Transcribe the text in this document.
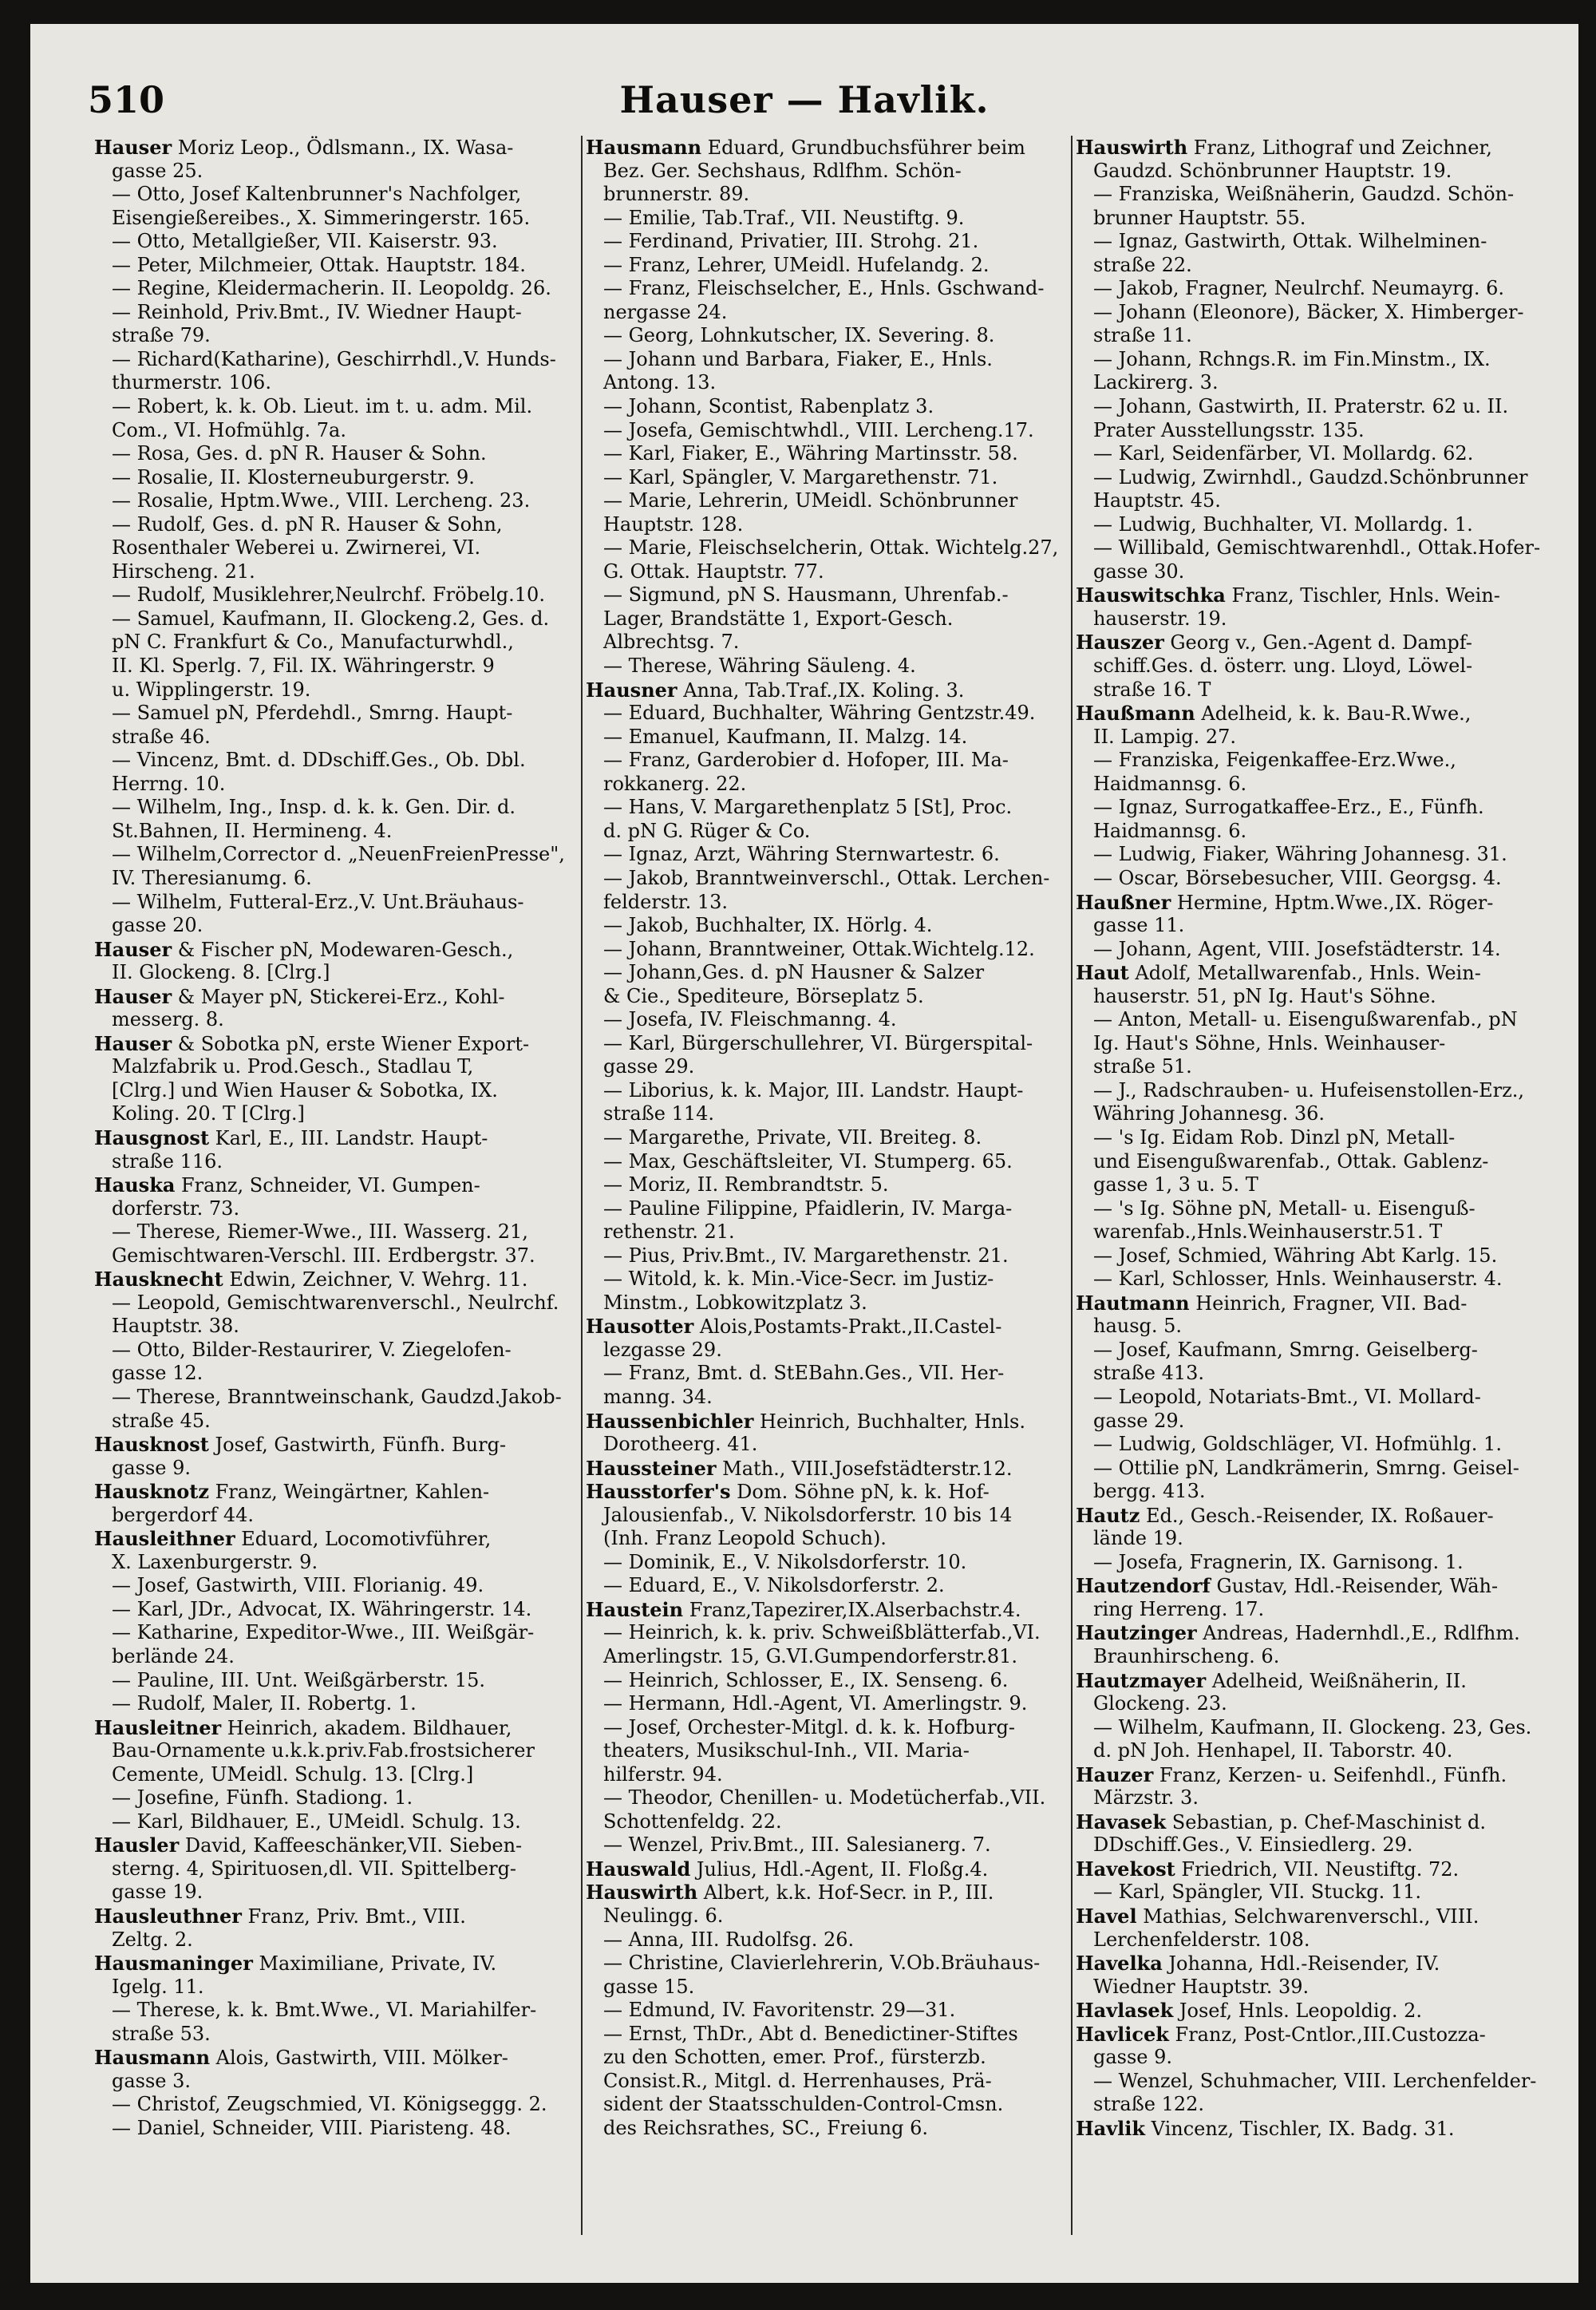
510	Hauser — Havlik.
Hauser Moriz Leop., Ödlsmann., IX. Wasa-
gasse 25.
— Otto, Josef Kaltenbrunner's Nachfolger,
Eisengießereibes., X. Simmeringerstr. 165.
— Otto, Metallgießer, VII. Kaiserstr. 93.
— Peter, Milchmeier, Ottak. Hauptstr. 184.
— Regine, Kleidermacherin. II. Leopoldg. 26.
— Reinhold, Priv.Bmt., IV. Wiedner Haupt-
straße 79.
— Richard(Katharine), Geschirrhdl.,V. Hunds-
thurmerstr. 106.
— Robert, k. k. Ob. Lieut. im t. u. adm. Mil.
Com., VI. Hofmühlg. 7a.
— Rosa, Ges. d. pN R. Hauser & Sohn.
— Rosalie, II. Klosterneuburgerstr. 9.
— Rosalie, Hptm.Wwe., VIII. Lercheng. 23.
— Rudolf, Ges. d. pN R. Hauser & Sohn,
Rosenthaler Weberei u. Zwirnerei, VI.
Hirscheng. 21.
— Rudolf, Musiklehrer,Neulrchf. Fröbelg.10.
— Samuel, Kaufmann, II. Glockeng.2, Ges. d.
pN C. Frankfurt & Co., Manufacturwhdl.,
II. Kl. Sperlg. 7, Fil. IX. Währingerstr. 9
u. Wipplingerstr. 19.
— Samuel pN, Pferdehdl., Smrng. Haupt-
straße 46.
— Vincenz, Bmt. d. DDschiff.Ges., Ob. Dbl.
Herrng. 10.
— Wilhelm, Ing., Insp. d. k. k. Gen. Dir. d.
St.Bahnen, II. Hermineng. 4.
— Wilhelm,Corrector d. „NeuenFreienPresse",
IV. Theresianumg. 6.
— Wilhelm, Futteral-Erz.,V. Unt.Bräuhaus-
gasse 20.
Hauser & Fischer pN, Modewaren-Gesch.,
II. Glockeng. 8. [Clrg.]
Hauser & Mayer pN, Stickerei-Erz., Kohl-
messerg. 8.
Hauser & Sobotka pN, erste Wiener Export-
Malzfabrik u. Prod.Gesch., Stadlau T,
[Clrg.] und Wien Hauser & Sobotka, IX.
Koling. 20. T [Clrg.]
Hausgnost Karl, E., III. Landstr. Haupt-
straße 116.
Hauska Franz, Schneider, VI. Gumpen-
dorferstr. 73.
— Therese, Riemer-Wwe., III. Wasserg. 21,
Gemischtwaren-Verschl. III. Erdbergstr. 37.
Hausknecht Edwin, Zeichner, V. Wehrg. 11.
— Leopold, Gemischtwarenverschl., Neulrchf.
Hauptstr. 38.
— Otto, Bilder-Restaurirer, V. Ziegelofen-
gasse 12.
— Therese, Branntweinschank, Gaudzd.Jakob-
straße 45.
Hausknost Josef, Gastwirth, Fünfh. Burg-
gasse 9.
Hausknotz Franz, Weingärtner, Kahlen-
bergerdorf 44.
Hausleithner Eduard, Locomotivführer,
X. Laxenburgerstr. 9.
— Josef, Gastwirth, VIII. Florianig. 49.
— Karl, JDr., Advocat, IX. Währingerstr. 14.
— Katharine, Expeditor-Wwe., III. Weißgär-
berlände 24.
— Pauline, III. Unt. Weißgärberstr. 15.
— Rudolf, Maler, II. Robertg. 1.
Hausleitner Heinrich, akadem. Bildhauer,
Bau-Ornamente u.k.k.priv.Fab.frostsicherer
Cemente, UMeidl. Schulg. 13. [Clrg.]
— Josefine, Fünfh. Stadiong. 1.
— Karl, Bildhauer, E., UMeidl. Schulg. 13.
Hausler David, Kaffeeschänker,VII. Sieben-
sterng. 4, Spirituosen,dl. VII. Spittelberg-
gasse 19.
Hausleuthner Franz, Priv. Bmt., VIII.
Zeltg. 2.
Hausmaninger Maximiliane, Private, IV.
Igelg. 11.
— Therese, k. k. Bmt.Wwe., VI. Mariahilfer-
straße 53.
Hausmann Alois, Gastwirth, VIII. Mölker-
gasse 3.
— Christof, Zeugschmied, VI. Königseggg. 2.
— Daniel, Schneider, VIII. Piaristeng. 48.
Hausmann Eduard, Grundbuchsführer beim
Bez. Ger. Sechshaus, Rdlfhm. Schön-
brunnerstr. 89.
— Emilie, Tab.Traf., VII. Neustiftg. 9.
— Ferdinand, Privatier, III. Strohg. 21.
— Franz, Lehrer, UMeidl. Hufelandg. 2.
— Franz, Fleischselcher, E., Hnls. Gschwand-
nergasse 24.
— Georg, Lohnkutscher, IX. Severing. 8.
— Johann und Barbara, Fiaker, E., Hnls.
Antong. 13.
— Johann, Scontist, Rabenplatz 3.
— Josefa, Gemischtwhdl., VIII. Lercheng.17.
— Karl, Fiaker, E., Währing Martinsstr. 58.
— Karl, Spängler, V. Margarethenstr. 71.
— Marie, Lehrerin, UMeidl. Schönbrunner
Hauptstr. 128.
— Marie, Fleischselcherin, Ottak. Wichtelg.27,
G. Ottak. Hauptstr. 77.
— Sigmund, pN S. Hausmann, Uhrenfab.-
Lager, Brandstätte 1, Export-Gesch.
Albrechtsg. 7.
— Therese, Währing Säuleng. 4.
Hausner Anna, Tab.Traf.,IX. Koling. 3.
— Eduard, Buchhalter, Währing Gentzstr.49.
— Emanuel, Kaufmann, II. Malzg. 14.
— Franz, Garderobier d. Hofoper, III. Ma-
rokkanerg. 22.
— Hans, V. Margarethenplatz 5 [St], Proc.
d. pN G. Rüger & Co.
— Ignaz, Arzt, Währing Sternwartestr. 6.
— Jakob, Branntweinverschl., Ottak. Lerchen-
felderstr. 13.
— Jakob, Buchhalter, IX. Hörlg. 4.
— Johann, Branntweiner, Ottak.Wichtelg.12.
— Johann,Ges. d. pN Hausner & Salzer
& Cie., Spediteure, Börseplatz 5.
— Josefa, IV. Fleischmanng. 4.
— Karl, Bürgerschullehrer, VI. Bürgerspital-
gasse 29.
— Liborius, k. k. Major, III. Landstr. Haupt-
straße 114.
— Margarethe, Private, VII. Breiteg. 8.
— Max, Geschäftsleiter, VI. Stumperg. 65.
— Moriz, II. Rembrandtstr. 5.
— Pauline Filippine, Pfaidlerin, IV. Marga-
rethenstr. 21.
— Pius, Priv.Bmt., IV. Margarethenstr. 21.
— Witold, k. k. Min.-Vice-Secr. im Justiz-
Minstm., Lobkowitzplatz 3.
Hausotter Alois,Postamts-Prakt.,II.Castel-
lezgasse 29.
— Franz, Bmt. d. StEBahn.Ges., VII. Her-
manng. 34.
Haussenbichler Heinrich, Buchhalter, Hnls.
Dorotheerg. 41.
Haussteiner Math., VIII.Josefstädterstr.12.
Hausstorfer's Dom. Söhne pN, k. k. Hof-
Jalousienfab., V. Nikolsdorferstr. 10 bis 14
(Inh. Franz Leopold Schuch).
— Dominik, E., V. Nikolsdorferstr. 10.
— Eduard, E., V. Nikolsdorferstr. 2.
Haustein Franz,Tapezirer,IX.Alserbachstr.4.
— Heinrich, k. k. priv. Schweißblätterfab.,VI.
Amerlingstr. 15, G.VI.Gumpendorferstr.81.
— Heinrich, Schlosser, E., IX. Senseng. 6.
— Hermann, Hdl.-Agent, VI. Amerlingstr. 9.
— Josef, Orchester-Mitgl. d. k. k. Hofburg-
theaters, Musikschul-Inh., VII. Maria-
hilferstr. 94.
— Theodor, Chenillen- u. Modetücherfab.,VII.
Schottenfeldg. 22.
— Wenzel, Priv.Bmt., III. Salesianerg. 7.
Hauswald Julius, Hdl.-Agent, II. Floßg.4.
Hauswirth Albert, k.k. Hof-Secr. in P., III.
Neulingg. 6.
— Anna, III. Rudolfsg. 26.
— Christine, Clavierlehrerin, V.Ob.Bräuhaus-
gasse 15.
— Edmund, IV. Favoritenstr. 29—31.
— Ernst, ThDr., Abt d. Benedictiner-Stiftes
zu den Schotten, emer. Prof., fürsterzb.
Consist.R., Mitgl. d. Herrenhauses, Prä-
sident der Staatsschulden-Control-Cmsn.
des Reichsrathes, SC., Freiung 6.
Hauswirth Franz, Lithograf und Zeichner,
Gaudzd. Schönbrunner Hauptstr. 19.
— Franziska, Weißnäherin, Gaudzd. Schön-
brunner Hauptstr. 55.
— Ignaz, Gastwirth, Ottak. Wilhelminen-
straße 22.
— Jakob, Fragner, Neulrchf. Neumayrg. 6.
— Johann (Eleonore), Bäcker, X. Himberger-
straße 11.
— Johann, Rchngs.R. im Fin.Minstm., IX.
Lackirerg. 3.
— Johann, Gastwirth, II. Praterstr. 62 u. II.
Prater Ausstellungsstr. 135.
— Karl, Seidenfärber, VI. Mollardg. 62.
— Ludwig, Zwirnhdl., Gaudzd.Schönbrunner
Hauptstr. 45.
— Ludwig, Buchhalter, VI. Mollardg. 1.
— Willibald, Gemischtwarenhdl., Ottak.Hofer-
gasse 30.
Hauswitschka Franz, Tischler, Hnls. Wein-
hauserstr. 19.
Hauszer Georg v., Gen.-Agent d. Dampf-
schiff.Ges. d. österr. ung. Lloyd, Löwel-
straße 16. T
Haußmann Adelheid, k. k. Bau-R.Wwe.,
II. Lampig. 27.
— Franziska, Feigenkaffee-Erz.Wwe.,
Haidmannsg. 6.
— Ignaz, Surrogatkaffee-Erz., E., Fünfh.
Haidmannsg. 6.
— Ludwig, Fiaker, Währing Johannesg. 31.
— Oscar, Börsebesucher, VIII. Georgsg. 4.
Haußner Hermine, Hptm.Wwe.,IX. Röger-
gasse 11.
— Johann, Agent, VIII. Josefstädterstr. 14.
Haut Adolf, Metallwarenfab., Hnls. Wein-
hauserstr. 51, pN Ig. Haut's Söhne.
— Anton, Metall- u. Eisengußwarenfab., pN
Ig. Haut's Söhne, Hnls. Weinhauser-
straße 51.
— J., Radschrauben- u. Hufeisenstollen-Erz.,
Währing Johannesg. 36.
— 's Ig. Eidam Rob. Dinzl pN, Metall-
und Eisengußwarenfab., Ottak. Gablenz-
gasse 1, 3 u. 5. T
— 's Ig. Söhne pN, Metall- u. Eisenguß-
warenfab.,Hnls.Weinhauserstr.51. T
— Josef, Schmied, Währing Abt Karlg. 15.
— Karl, Schlosser, Hnls. Weinhauserstr. 4.
Hautmann Heinrich, Fragner, VII. Bad-
hausg. 5.
— Josef, Kaufmann, Smrng. Geiselberg-
straße 413.
— Leopold, Notariats-Bmt., VI. Mollard-
gasse 29.
— Ludwig, Goldschläger, VI. Hofmühlg. 1.
— Ottilie pN, Landkrämerin, Smrng. Geisel-
bergg. 413.
Hautz Ed., Gesch.-Reisender, IX. Roßauer-
lände 19.
— Josefa, Fragnerin, IX. Garnisong. 1.
Hautzendorf Gustav, Hdl.-Reisender, Wäh-
ring Herreng. 17.
Hautzinger Andreas, Hadernhdl.,E., Rdlfhm.
Braunhirscheng. 6.
Hautzmayer Adelheid, Weißnäherin, II.
Glockeng. 23.
— Wilhelm, Kaufmann, II. Glockeng. 23, Ges.
d. pN Joh. Henhapel, II. Taborstr. 40.
Hauzer Franz, Kerzen- u. Seifenhdl., Fünfh.
Märzstr. 3.
Havasek Sebastian, p. Chef-Maschinist d.
DDschiff.Ges., V. Einsiedlerg. 29.
Havekost Friedrich, VII. Neustiftg. 72.
— Karl, Spängler, VII. Stuckg. 11.
Havel Mathias, Selchwarenverschl., VIII.
Lerchenfelderstr. 108.
Havelka Johanna, Hdl.-Reisender, IV.
Wiedner Hauptstr. 39.
Havlasek Josef, Hnls. Leopoldig. 2.
Havlicek Franz, Post-Cntlor.,III.Custozza-
gasse 9.
— Wenzel, Schuhmacher, VIII. Lerchenfelder-
straße 122.
Havlik Vincenz, Tischler, IX. Badg. 31.
